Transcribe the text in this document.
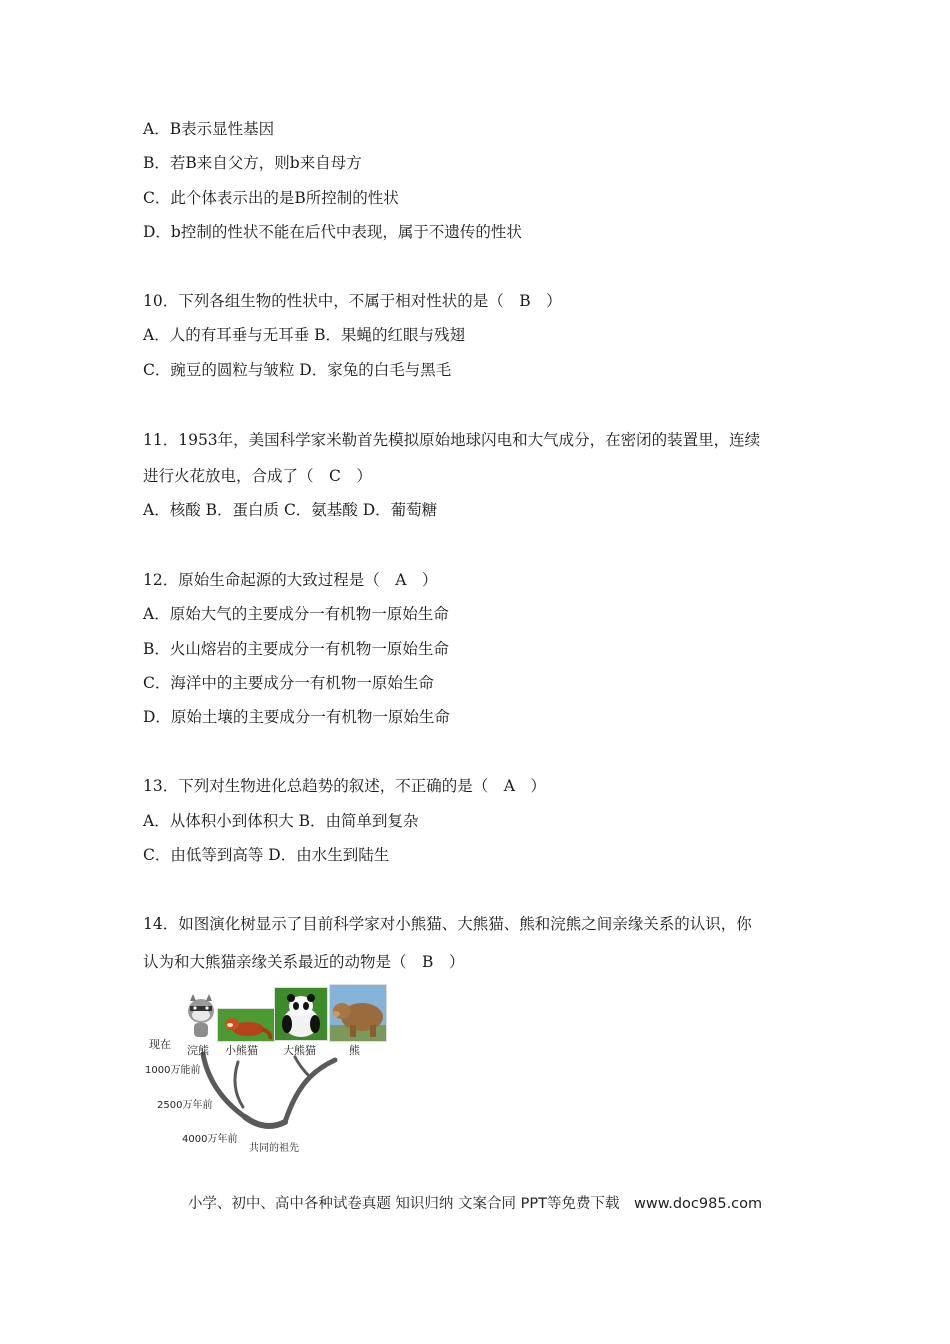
A．B表示显性基因
B．若B来自父方，则b来自母方
C．此个体表示出的是B所控制的性状
D．b控制的性状不能在后代中表现，属于不遗传的性状
10．下列各组生物的性状中，不属于相对性状的是（　B　）
A．人的有耳垂与无耳垂 B．果蝇的红眼与残翅
C．豌豆的圆粒与皱粒 D．家兔的白毛与黑毛
11．1953年，美国科学家米勒首先模拟原始地球闪电和大气成分，在密闭的装置里，连续
进行火花放电，合成了（　C　）
A．核酸 B．蛋白质 C．氨基酸 D．葡萄糖
12．原始生命起源的大致过程是（　A　）
A．原始大气的主要成分一有机物一原始生命
B．火山熔岩的主要成分一有机物一原始生命
C．海洋中的主要成分一有机物一原始生命
D．原始土壤的主要成分一有机物一原始生命
13．下列对生物进化总趋势的叙述，不正确的是（　A　）
A．从体积小到体积大 B．由简单到复杂
C．由低等到高等 D．由水生到陆生
14．如图演化树显示了目前科学家对小熊猫、大熊猫、熊和浣熊之间亲缘关系的认识，你
认为和大熊猫亲缘关系最近的动物是（　B　）
现在 浣熊 小熊猫 大熊猫	熊
1000万能前
2500万年前
4000万年前
共同的祖先
小学、初中、高中各种试卷真题 知识归纳 文案合同 PPT等免费下载　www.doc985.com
